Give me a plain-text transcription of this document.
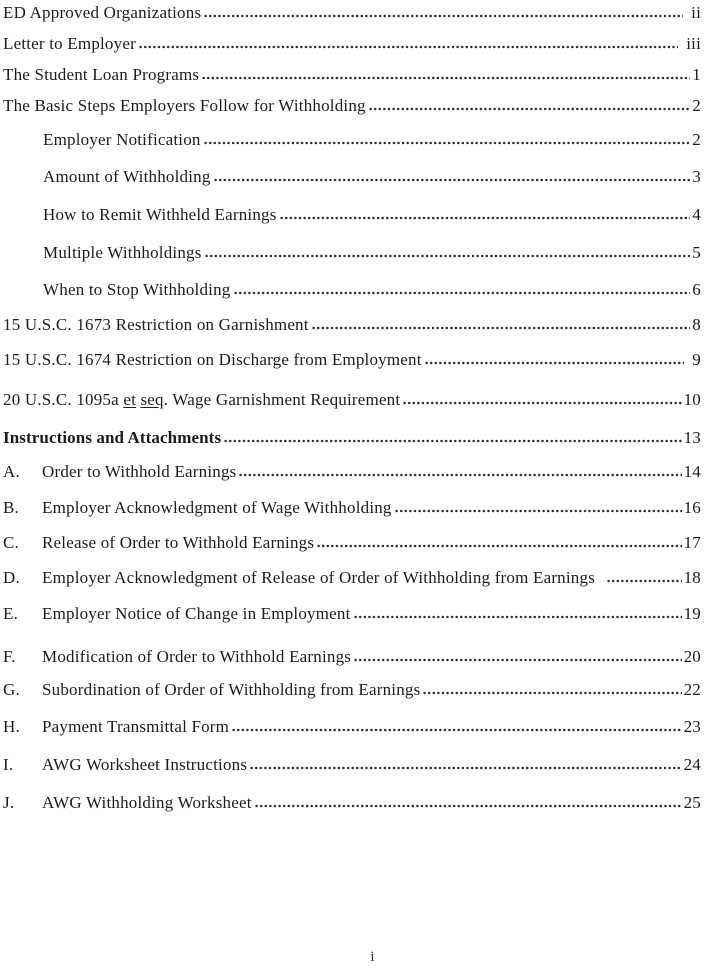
ED Approved Organizations	ii
Letter to Employer	iii
The Student Loan Programs	1
The Basic Steps Employers Follow for Withholding	2
Employer Notification	2
Amount of Withholding	3
How to Remit Withheld Earnings	4
Multiple Withholdings	5
When to Stop Withholding	6
15 U.S.C. 1673 Restriction on Garnishment	8
15 U.S.C. 1674 Restriction on Discharge from Employment	9
20 U.S.C. 1095a et seq. Wage Garnishment Requirement	10
Instructions and Attachments	13
A.	Order to Withhold Earnings	14
B.	Employer Acknowledgment of Wage Withholding	16
C.	Release of Order to Withhold Earnings	17
D.	Employer Acknowledgment of Release of Order of Withholding from Earnings	18
E.	Employer Notice of Change in Employment	19
F.	Modification of Order to Withhold Earnings	20
G.	Subordination of Order of Withholding from Earnings	22
H.	Payment Transmittal Form	23
I.	AWG Worksheet Instructions	24
J.	AWG Withholding Worksheet	25
i
